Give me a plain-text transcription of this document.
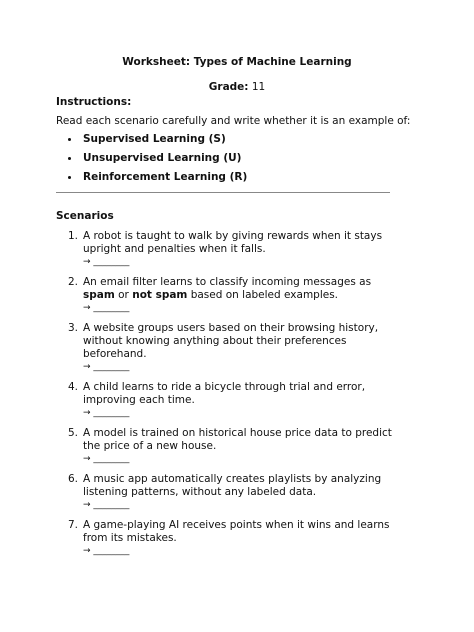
Worksheet: Types of Machine Learning
Grade: 11
Instructions:
Read each scenario carefully and write whether it is an example of:
Supervised Learning (S)
Unsupervised Learning (U)
Reinforcement Learning (R)
Scenarios
1. A robot is taught to walk by giving rewards when it stays upright and penalties when it falls.
→ ________
2. An email filter learns to classify incoming messages as spam or not spam based on labeled examples.
→ ________
3. A website groups users based on their browsing history, without knowing anything about their preferences beforehand.
→ ________
4. A child learns to ride a bicycle through trial and error, improving each time.
→ ________
5. A model is trained on historical house price data to predict the price of a new house.
→ ________
6. A music app automatically creates playlists by analyzing listening patterns, without any labeled data.
→ ________
7. A game-playing AI receives points when it wins and learns from its mistakes.
→ ________
